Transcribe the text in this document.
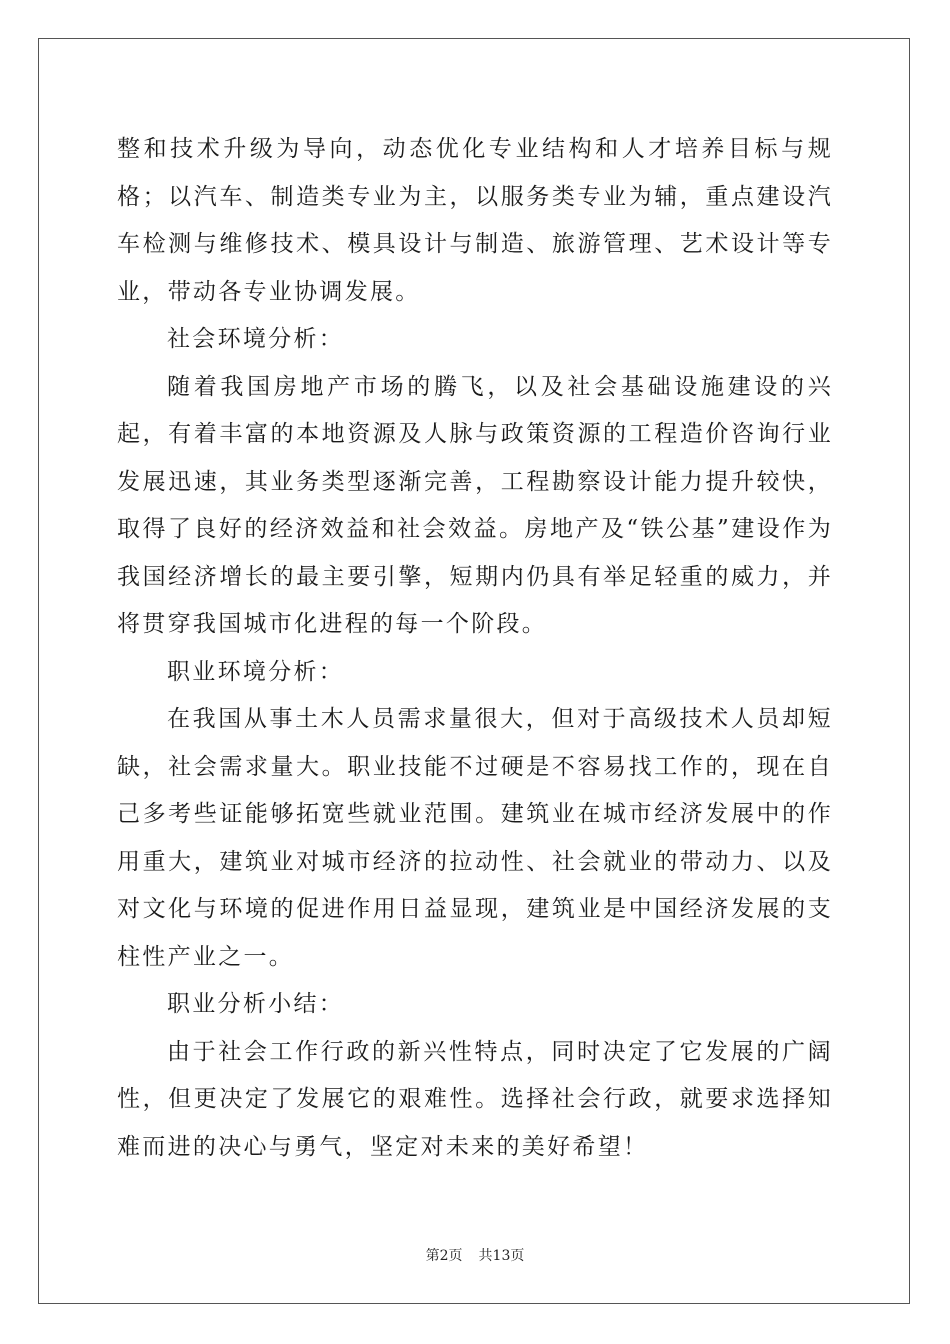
整和技术升级为导向，动态优化专业结构和人才培养目标与规格；以汽车、制造类专业为主，以服务类专业为辅，重点建设汽车检测与维修技术、模具设计与制造、旅游管理、艺术设计等专业，带动各专业协调发展。

社会环境分析：

随着我国房地产市场的腾飞，以及社会基础设施建设的兴起，有着丰富的本地资源及人脉与政策资源的工程造价咨询行业发展迅速，其业务类型逐渐完善，工程勘察设计能力提升较快，取得了良好的经济效益和社会效益。房地产及“铁公基”建设作为我国经济增长的最主要引擎，短期内仍具有举足轻重的威力，并将贯穿我国城市化进程的每一个阶段。

职业环境分析：

在我国从事土木人员需求量很大，但对于高级技术人员却短缺，社会需求量大。职业技能不过硬是不容易找工作的，现在自己多考些证能够拓宽些就业范围。建筑业在城市经济发展中的作用重大，建筑业对城市经济的拉动性、社会就业的带动力、以及对文化与环境的促进作用日益显现，建筑业是中国经济发展的支柱性产业之一。

职业分析小结：

由于社会工作行政的新兴性特点，同时决定了它发展的广阔性，但更决定了发展它的艰难性。选择社会行政，就要求选择知难而进的决心与勇气，坚定对未来的美好希望！

第2页 共13页
